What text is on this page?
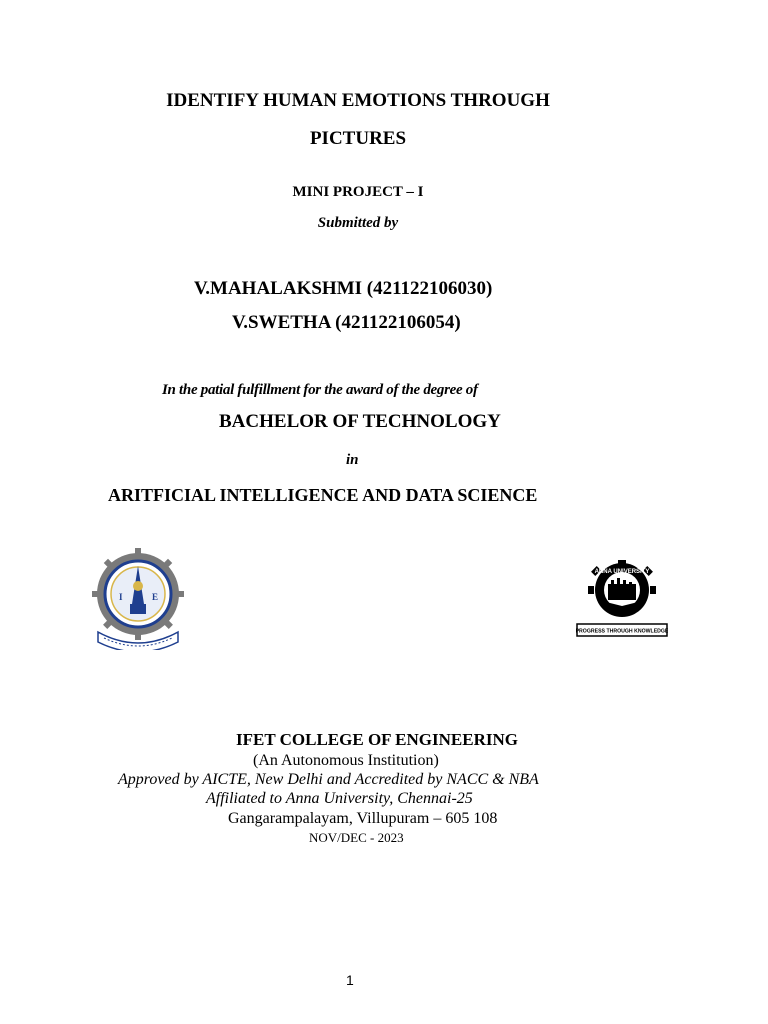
IDENTIFY HUMAN EMOTIONS THROUGH
PICTURES
MINI PROJECT – I
Submitted by
V.MAHALAKSHMI (421122106030)
V.SWETHA (421122106054)
In the patial fulfillment for the award of the degree of
BACHELOR OF TECHNOLOGY
in
ARITFICIAL INTELLIGENCE AND DATA SCIENCE
I	E
ANNA UNIVERSITY
PROGRESS THROUGH KNOWLEDGE
IFET COLLEGE OF ENGINEERING
(An Autonomous Institution)
Approved by AICTE, New Delhi and Accredited by NACC & NBA
Affiliated to Anna University, Chennai-25
Gangarampalayam, Villupuram – 605 108
NOV/DEC - 2023
1
